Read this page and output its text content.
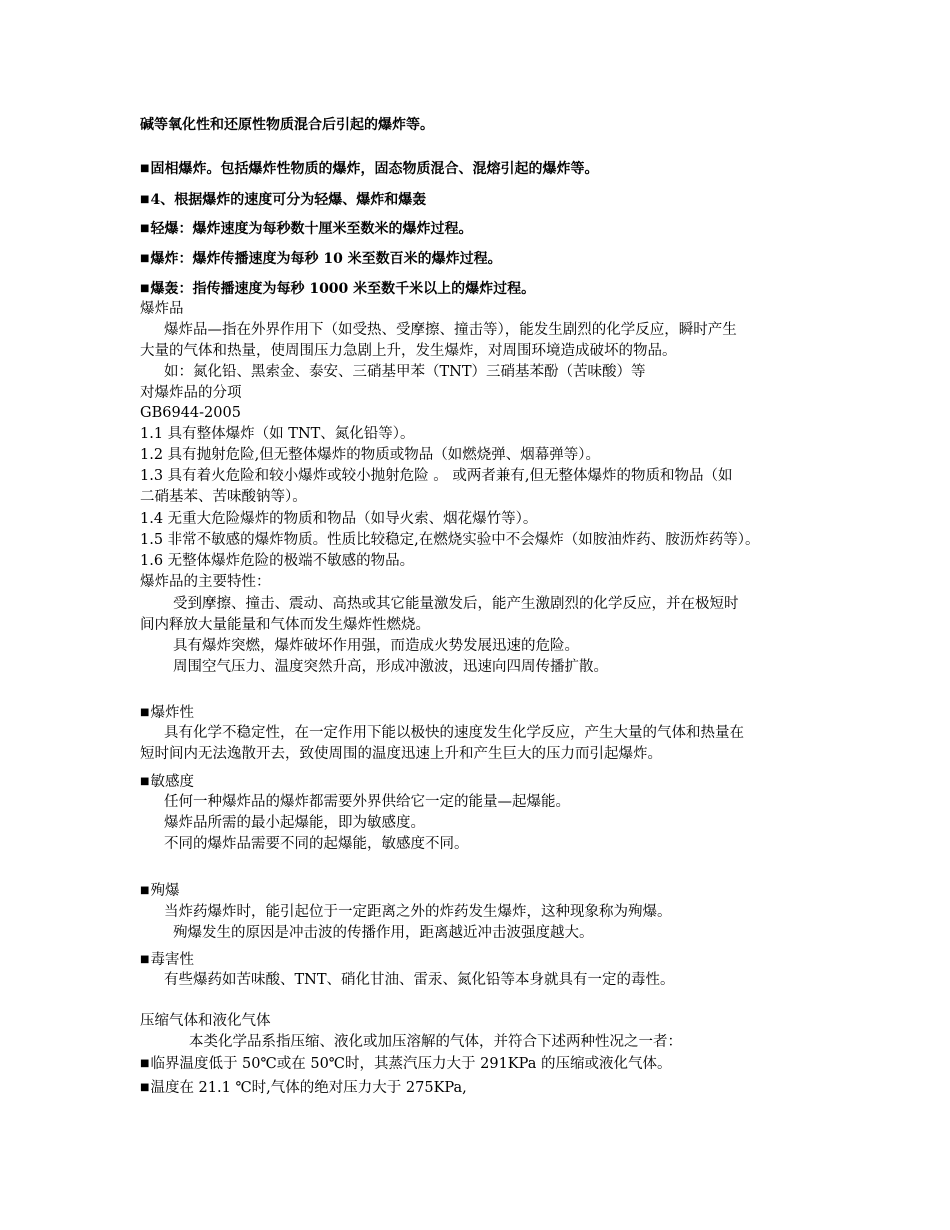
碱等氧化性和还原性物质混合后引起的爆炸等。
■固相爆炸。包括爆炸性物质的爆炸，固态物质混合、混熔引起的爆炸等。
■4、根据爆炸的速度可分为轻爆、爆炸和爆轰
■轻爆：爆炸速度为每秒数十厘米至数米的爆炸过程。
■爆炸：爆炸传播速度为每秒 10 米至数百米的爆炸过程。
■爆轰：指传播速度为每秒 1000 米至数千米以上的爆炸过程。
爆炸品
爆炸品—指在外界作用下（如受热、受摩擦、撞击等），能发生剧烈的化学反应，瞬时产生
大量的气体和热量，使周围压力急剧上升，发生爆炸，对周围环境造成破坏的物品。
如：氮化铅、黑索金、泰安、三硝基甲苯（TNT）三硝基苯酚（苦味酸）等
对爆炸品的分项
GB6944-2005
1.1 具有整体爆炸（如 TNT、氮化铅等）。
1.2 具有抛射危险,但无整体爆炸的物质或物品（如燃烧弹、烟幕弹等）。
1.3 具有着火危险和较小爆炸或较小抛射危险 。 或两者兼有,但无整体爆炸的物质和物品（如
二硝基苯、苦味酸钠等）。
1.4 无重大危险爆炸的物质和物品（如导火索、烟花爆竹等）。
1.5 非常不敏感的爆炸物质。性质比较稳定,在燃烧实验中不会爆炸（如胺油炸药、胺沥炸药等）。
1.6 无整体爆炸危险的极端不敏感的物品。
爆炸品的主要特性：
受到摩擦、撞击、震动、高热或其它能量激发后，能产生激剧烈的化学反应，并在极短时
间内释放大量能量和气体而发生爆炸性燃烧。
具有爆炸突燃，爆炸破坏作用强，而造成火势发展迅速的危险。
周围空气压力、温度突然升高，形成冲激波，迅速向四周传播扩散。
■爆炸性
具有化学不稳定性，在一定作用下能以极快的速度发生化学反应，产生大量的气体和热量在
短时间内无法逸散开去，致使周围的温度迅速上升和产生巨大的压力而引起爆炸。
■敏感度
任何一种爆炸品的爆炸都需要外界供给它一定的能量—起爆能。
爆炸品所需的最小起爆能，即为敏感度。
不同的爆炸品需要不同的起爆能，敏感度不同。
■殉爆
当炸药爆炸时，能引起位于一定距离之外的炸药发生爆炸，这种现象称为殉爆。
殉爆发生的原因是冲击波的传播作用，距离越近冲击波强度越大。
■毒害性
有些爆药如苦味酸、TNT、硝化甘油、雷汞、氮化铅等本身就具有一定的毒性。
压缩气体和液化气体
本类化学品系指压缩、液化或加压溶解的气体，并符合下述两种性况之一者：
■临界温度低于 50℃或在 50℃时，其蒸汽压力大于 291KPa 的压缩或液化气体。
■温度在 21.1 ℃时,气体的绝对压力大于 275KPa,
